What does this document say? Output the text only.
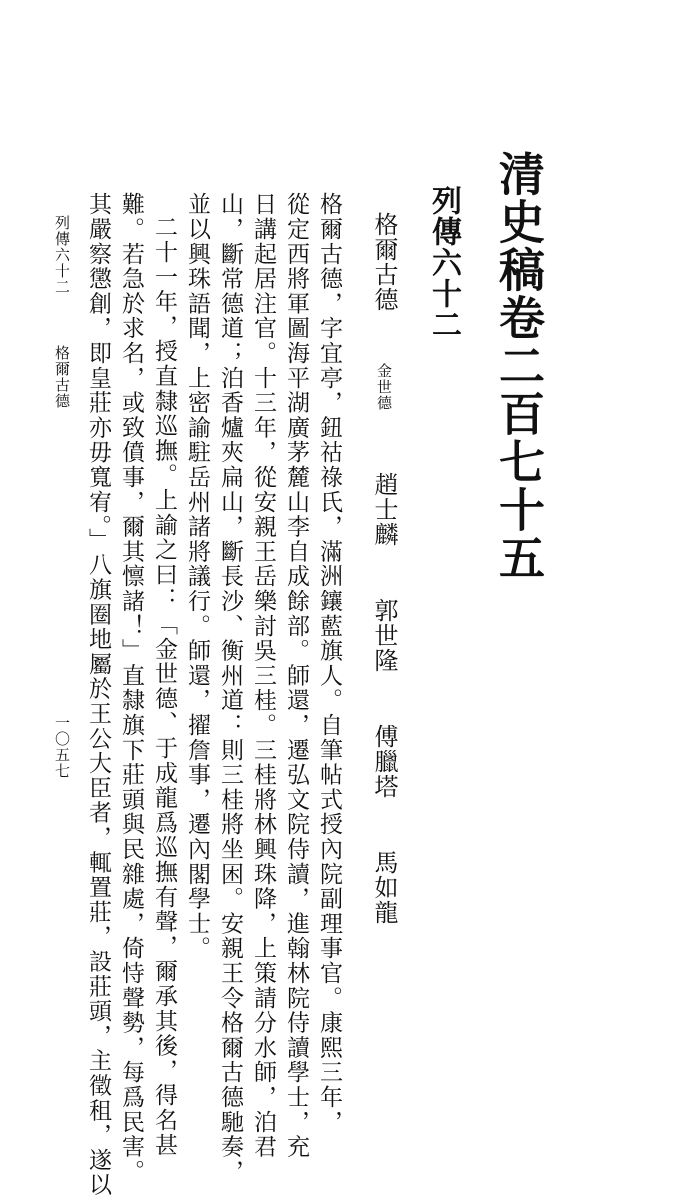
清史稿卷二百七十五
列傳六十二
格爾古德 金世德 趙士麟 郭世隆 傅臘塔 馬如龍
格爾古德，字宜亭，鈕祜祿氏，滿洲鑲藍旗人。自筆帖式授內院副理事官。康熙三年，
從定西將軍圖海平湖廣茅麓山李自成餘部。師還，遷弘文院侍讀，進翰林院侍讀學士，充
日講起居注官。十三年，從安親王岳樂討吳三桂。三桂將林興珠降，上策請分水師，泊君
山，斷常德道；泊香爐夾扁山，斷長沙、衡州道：則三桂將坐困。安親王令格爾古德馳奏，
並以興珠語聞，上密諭駐岳州諸將議行。師還，擢詹事，遷內閣學士。
二十一年，授直隸巡撫。上諭之曰：「金世德、于成龍爲巡撫有聲，爾承其後，得名甚
難。若急於求名，或致僨事，爾其懔諸！」直隸旗下莊頭與民雜處，倚恃聲勢，每爲民害。
其嚴察懲創，即皇莊亦毋寬宥。」八旗圈地屬於王公大臣者，輒置莊，設莊頭，主徵租，遂以
列傳六十二
格爾古德
一〇五七
